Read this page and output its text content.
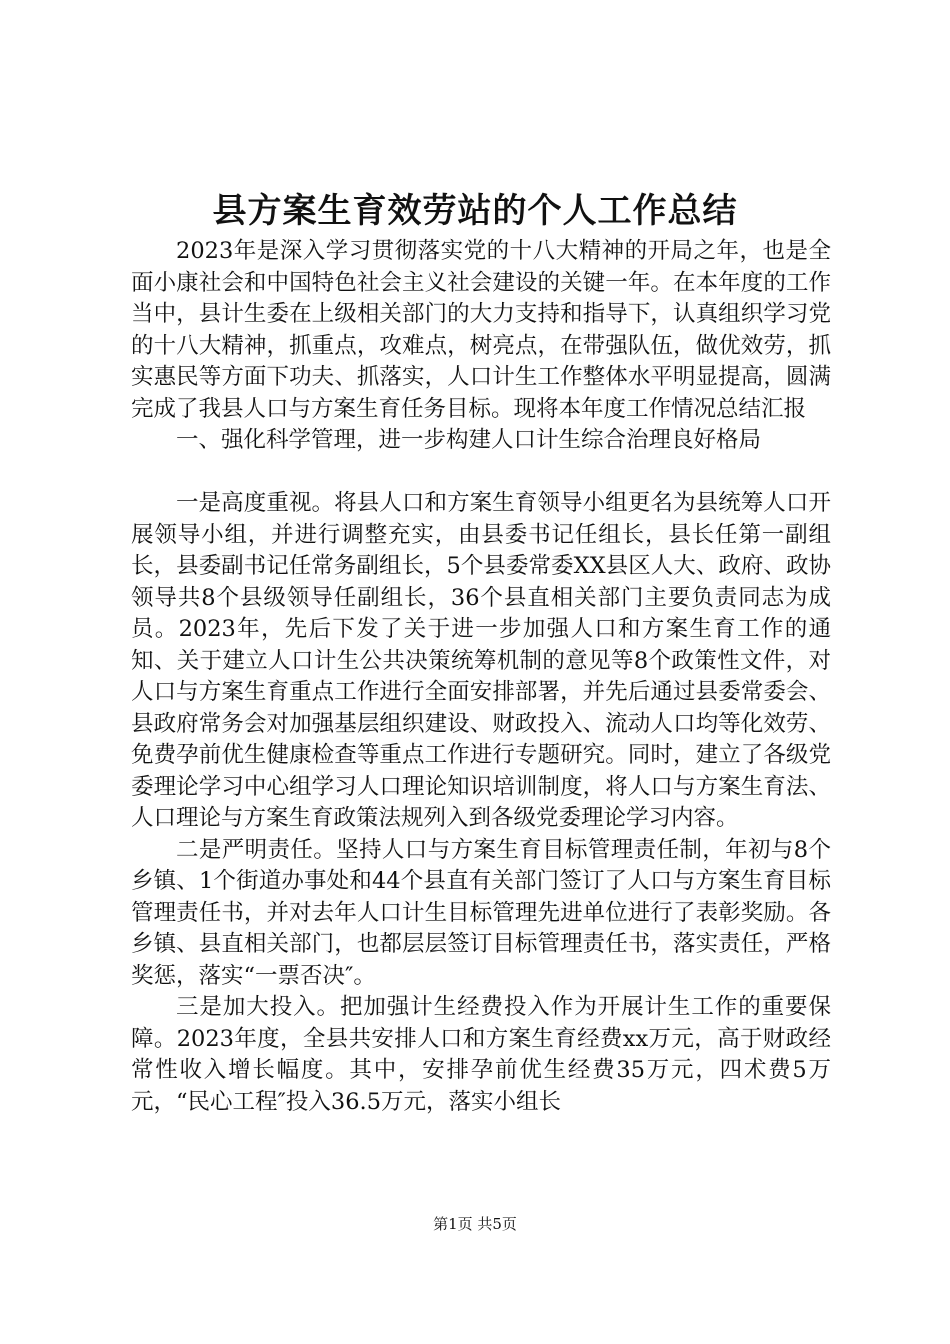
县方案生育效劳站的个人工作总结

2023年是深入学习贯彻落实党的十八大精神的开局之年，也是全面小康社会和中国特色社会主义社会建设的关键一年。在本年度的工作当中，县计生委在上级相关部门的大力支持和指导下，认真组织学习党的十八大精神，抓重点，攻难点，树亮点，在带强队伍，做优效劳，抓实惠民等方面下功夫、抓落实，人口计生工作整体水平明显提高，圆满完成了我县人口与方案生育任务目标。现将本年度工作情况总结汇报

一、强化科学管理，进一步构建人口计生综合治理良好格局

一是高度重视。将县人口和方案生育领导小组更名为县统筹人口开展领导小组，并进行调整充实，由县委书记任组长，县长任第一副组长，县委副书记任常务副组长，5个县委常委XX县区人大、政府、政协领导共8个县级领导任副组长，36个县直相关部门主要负责同志为成员。2023年，先后下发了关于进一步加强人口和方案生育工作的通知、关于建立人口计生公共决策统筹机制的意见等8个政策性文件，对人口与方案生育重点工作进行全面安排部署，并先后通过县委常委会、县政府常务会对加强基层组织建设、财政投入、流动人口均等化效劳、免费孕前优生健康检查等重点工作进行专题研究。同时，建立了各级党委理论学习中心组学习人口理论知识培训制度，将人口与方案生育法、人口理论与方案生育政策法规列入到各级党委理论学习内容。

二是严明责任。坚持人口与方案生育目标管理责任制，年初与8个乡镇、1个街道办事处和44个县直有关部门签订了人口与方案生育目标管理责任书，并对去年人口计生目标管理先进单位进行了表彰奖励。各乡镇、县直相关部门，也都层层签订目标管理责任书，落实责任，严格奖惩，落实“一票否决″。

三是加大投入。把加强计生经费投入作为开展计生工作的重要保障。2023年度，全县共安排人口和方案生育经费xx万元，高于财政经常性收入增长幅度。其中，安排孕前优生经费35万元，四术费5万元，“民心工程″投入36.5万元，落实小组长

第1页 共5页
